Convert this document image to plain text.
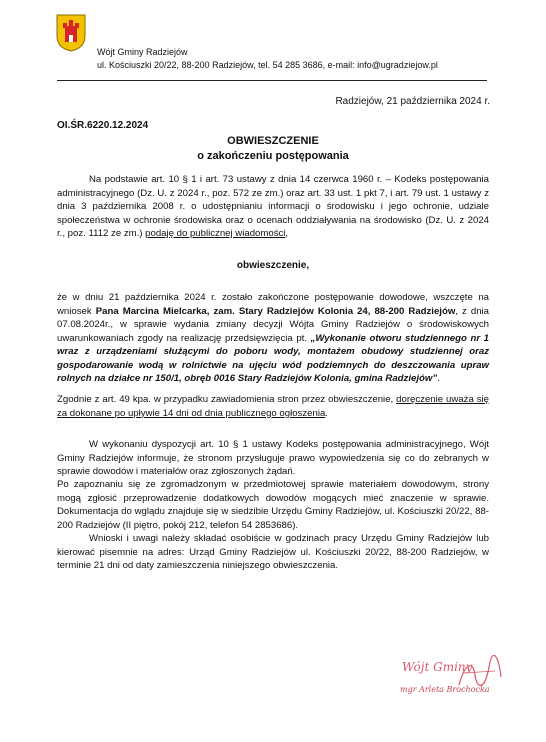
Wójt Gminy Radziejów
ul. Kościuszki 20/22, 88-200 Radziejów, tel. 54 285 3686, e-mail: info@ugradziejow.pl
Radziejów, 21 października 2024 r.
OI.ŚR.6220.12.2024
OBWIESZCZENIE
o zakończeniu postępowania
Na podstawie art. 10 § 1 i art. 73 ustawy z dnia 14 czerwca 1960 r. – Kodeks postępowania administracyjnego (Dz. U. z 2024 r., poz. 572 ze zm.) oraz art. 33 ust. 1 pkt 7, i art. 79 ust. 1 ustawy z dnia 3 października 2008 r. o udostępnianiu informacji o środowisku i jego ochronie, udziale społeczeństwa w ochronie środowiska oraz o ocenach oddziaływania na środowisko (Dz. U. z 2024 r., poz. 1112 ze zm.) podaję do publicznej wiadomości,
obwieszczenie,
że w dniu 21 października 2024 r. zostało zakończone postępowanie dowodowe, wszczęte na wniosek Pana Marcina Mielcarka, zam. Stary Radziejów Kolonia 24, 88-200 Radziejów, z dnia 07.08.2024r., w sprawie wydania zmiany decyzji Wójta Gminy Radziejów o środowiskowych uwarunkowaniach zgody na realizację przedsięwzięcia pt. „Wykonanie otworu studziennego nr 1 wraz z urządzeniami służącymi do poboru wody, montażem obudowy studziennej oraz gospodarowanie wodą w rolnictwie na ujęciu wód podziemnych do deszczowania upraw rolnych na działce nr 150/1, obręb 0016 Stary Radziejów Kolonia, gmina Radziejów”.
Zgodnie z art. 49 kpa. w przypadku zawiadomienia stron przez obwieszczenie, doręczenie uważa się za dokonane po upływie 14 dni od dnia publicznego ogłoszenia.
W wykonaniu dyspozycji art. 10 § 1 ustawy Kodeks postępowania administracyjnego, Wójt Gminy Radziejów informuje, że stronom przysługuje prawo wypowiedzenia się co do zebranych w sprawie dowodów i materiałów oraz zgłoszonych żądań.
Po zapoznaniu się ze zgromadzonym w przedmiotowej sprawie materiałem dowodowym, strony mogą zgłosić przeprowadzenie dodatkowych dowodów mogących mieć znaczenie w sprawie. Dokumentacja do wglądu znajduje się w siedzibie Urzędu Gminy Radziejów, ul. Kościuszki 20/22, 88-200 Radziejów (II piętro, pokój 212, telefon 54 2853686).
Wnioski i uwagi należy składać osobiście w godzinach pracy Urzędu Gminy Radziejów lub kierować pisemnie na adres: Urząd Gminy Radziejów ul. Kościuszki 20/22, 88-200 Radziejów, w terminie 21 dni od daty zamieszczenia niniejszego obwieszczenia.
Wójt Gminy
mgr Arleta Brochocka
